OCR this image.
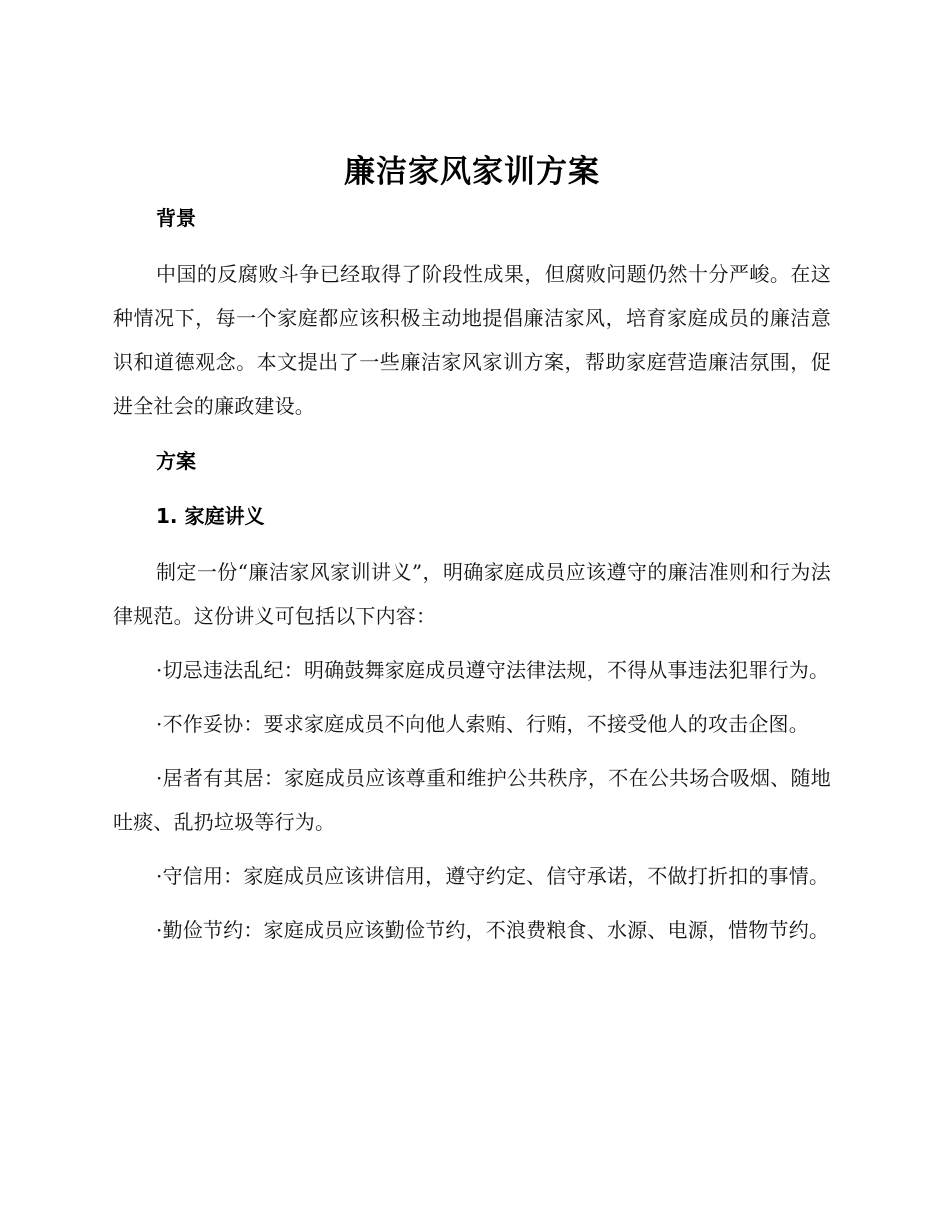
廉洁家风家训方案
背景

中国的反腐败斗争已经取得了阶段性成果，但腐败问题仍然十分严峻。在这种情况下，每一个家庭都应该积极主动地提倡廉洁家风，培育家庭成员的廉洁意识和道德观念。本文提出了一些廉洁家风家训方案，帮助家庭营造廉洁氛围，促进全社会的廉政建设。

方案
1. 家庭讲义

制定一份“廉洁家风家训讲义”，明确家庭成员应该遵守的廉洁准则和行为法律规范。这份讲义可包括以下内容：

·切忌违法乱纪：明确鼓舞家庭成员遵守法律法规，不得从事违法犯罪行为。

·不作妥协：要求家庭成员不向他人索贿、行贿，不接受他人的攻击企图。

·居者有其居：家庭成员应该尊重和维护公共秩序，不在公共场合吸烟、随地吐痰、乱扔垃圾等行为。

·守信用：家庭成员应该讲信用，遵守约定、信守承诺，不做打折扣的事情。

·勤俭节约：家庭成员应该勤俭节约，不浪费粮食、水源、电源，惜物节约。
